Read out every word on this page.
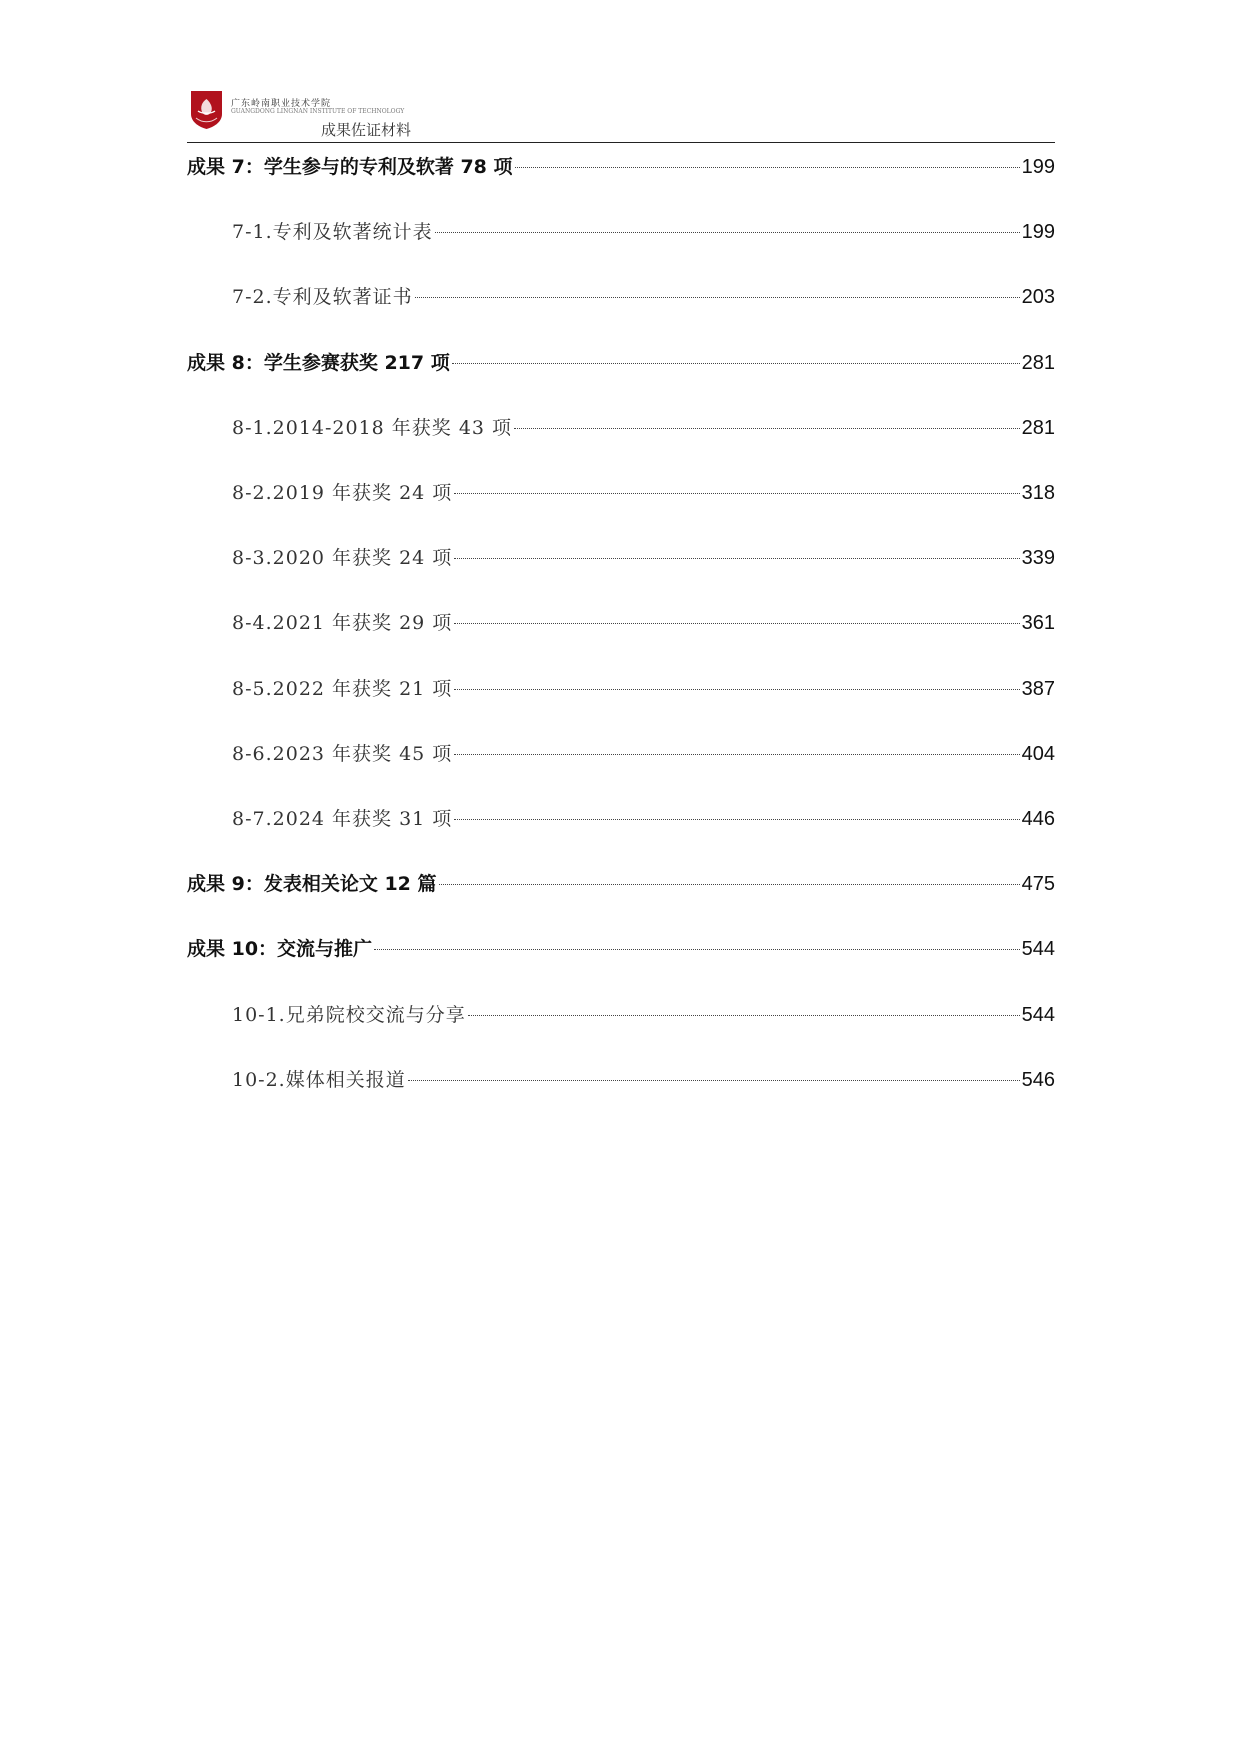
广东岭南职业技术学院
GUANGDONG LINGNAN INSTITUTE OF TECHNOLOGY
成果佐证材料
成果 7：学生参与的专利及软著 78 项	199
7-1.专利及软著统计表	199
7-2.专利及软著证书	203
成果 8：学生参赛获奖 217 项	281
8-1.2014-2018 年获奖 43 项	281
8-2.2019 年获奖 24 项	318
8-3.2020 年获奖 24 项	339
8-4.2021 年获奖 29 项	361
8-5.2022 年获奖 21 项	387
8-6.2023 年获奖 45 项	404
8-7.2024 年获奖 31 项	446
成果 9：发表相关论文 12 篇	475
成果 10：交流与推广	544
10-1.兄弟院校交流与分享	544
10-2.媒体相关报道	546
